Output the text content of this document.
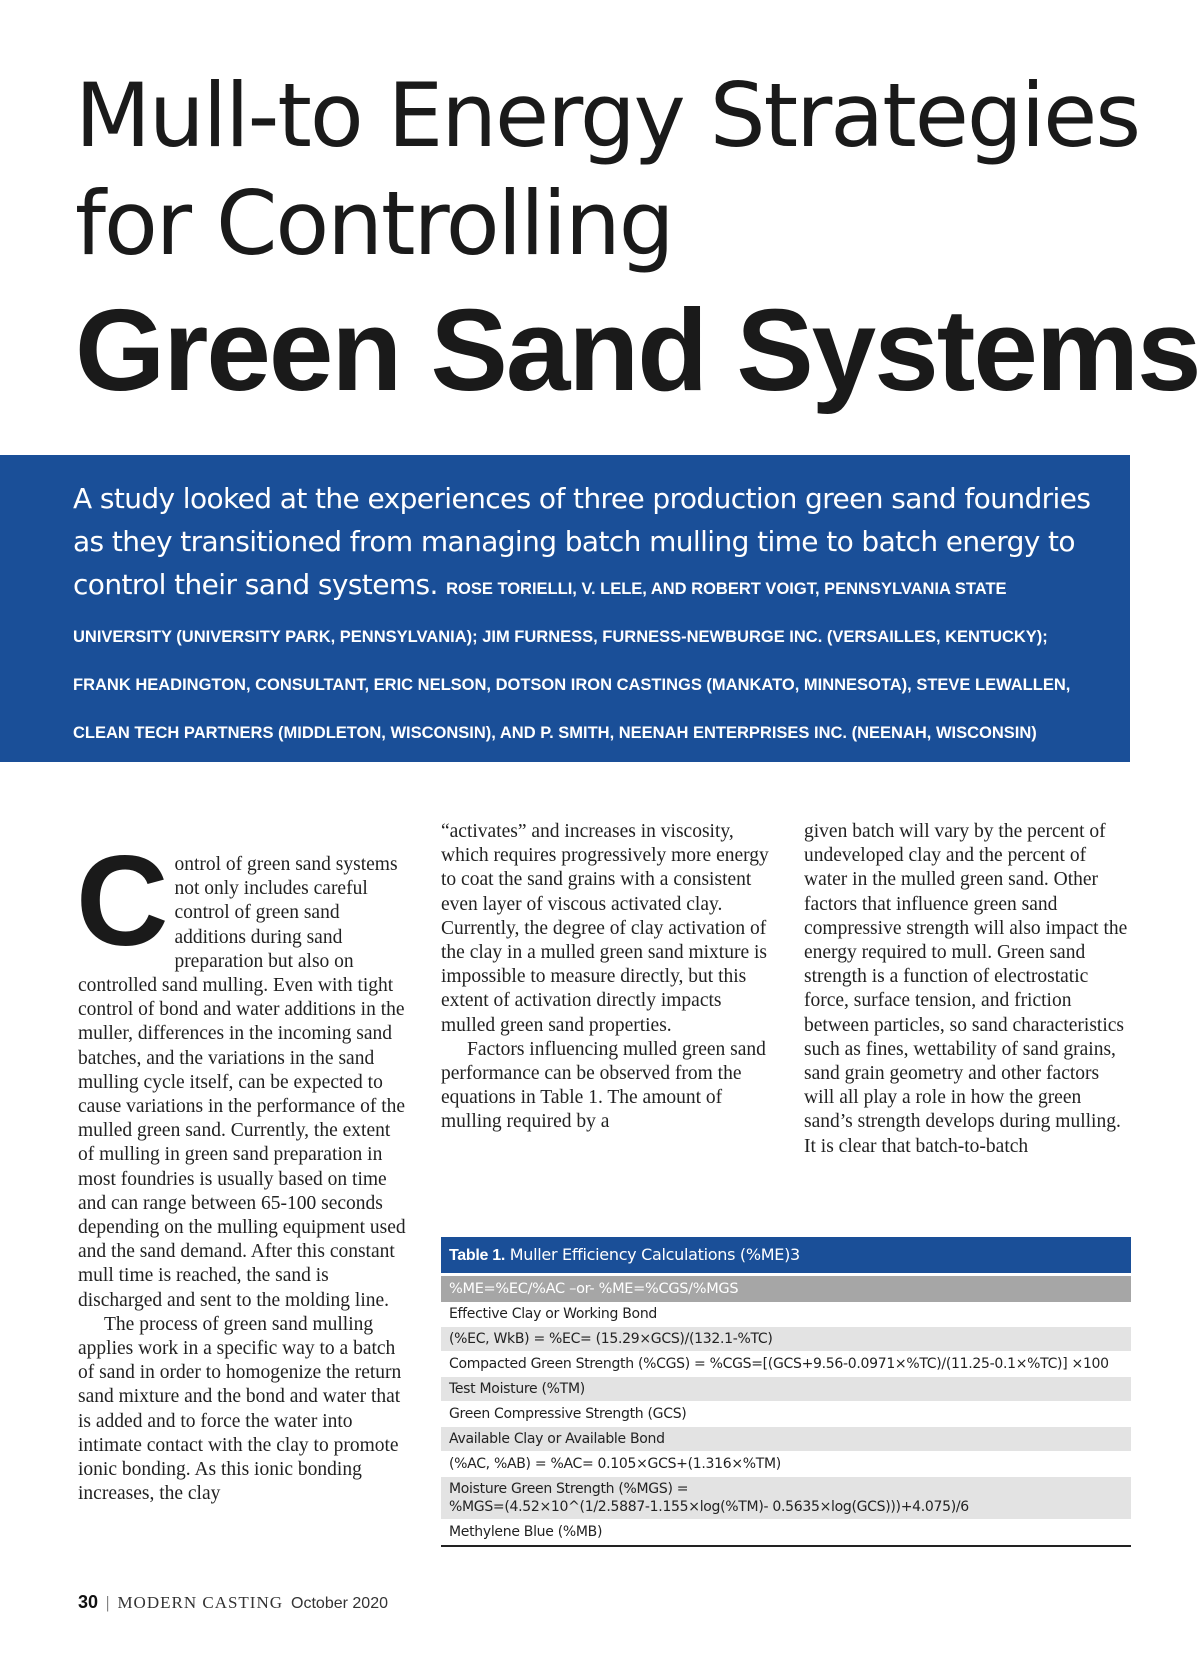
Mull-to Energy Strategies
for Controlling
Green Sand Systems

A study looked at the experiences of three production green sand foundries as they transitioned from managing batch mulling time to batch energy to control their sand systems. ROSE TORIELLI, V. LELE, AND ROBERT VOIGT, PENNSYLVANIA STATE UNIVERSITY (UNIVERSITY PARK, PENNSYLVANIA); JIM FURNESS, FURNESS-NEWBURGE INC. (VERSAILLES, KENTUCKY); FRANK HEADINGTON, CONSULTANT, ERIC NELSON, DOTSON IRON CASTINGS (MANKATO, MINNESOTA), STEVE LEWALLEN, CLEAN TECH PARTNERS (MIDDLETON, WISCONSIN), AND P. SMITH, NEENAH ENTERPRISES INC. (NEENAH, WISCONSIN)

C ontrol of green sand systems not only includes careful control of green sand additions during sand preparation but also on controlled sand mulling. Even with tight control of bond and water additions in the muller, differences in the incoming sand batches, and the variations in the sand mulling cycle itself, can be expected to cause variations in the performance of the mulled green sand. Currently, the extent of mulling in green sand preparation in most foundries is usually based on time and can range between 65-100 seconds depending on the mulling equipment used and the sand demand. After this constant mull time is reached, the sand is discharged and sent to the molding line.

The process of green sand mulling applies work in a specific way to a batch of sand in order to homogenize the return sand mixture and the bond and water that is added and to force the water into intimate contact with the clay to promote ionic bonding. As this ionic bonding increases, the clay

“activates” and increases in viscosity, which requires progressively more energy to coat the sand grains with a consistent even layer of viscous activated clay. Currently, the degree of clay activation of the clay in a mulled green sand mixture is impossible to measure directly, but this extent of activation directly impacts mulled green sand properties.

Factors influencing mulled green sand performance can be observed from the equations in Table 1. The amount of mulling required by a

given batch will vary by the percent of undeveloped clay and the percent of water in the mulled green sand. Other factors that influence green sand compressive strength will also impact the energy required to mull. Green sand strength is a function of electrostatic force, surface tension, and friction between particles, so sand characteristics such as fines, wettability of sand grains, sand grain geometry and other factors will all play a role in how the green sand’s strength develops during mulling. It is clear that batch-to-batch

Table 1. Muller Efficiency Calculations (%ME)3
%ME=%EC/%AC –or- %ME=%CGS/%MGS
Effective Clay or Working Bond
(%EC, WkB) = %EC= (15.29×GCS)/(132.1-%TC)
Compacted Green Strength (%CGS) = %CGS=[(GCS+9.56-0.0971×%TC)/(11.25-0.1×%TC)] ×100
Test Moisture (%TM)
Green Compressive Strength (GCS)
Available Clay or Available Bond
(%AC, %AB) = %AC= 0.105×GCS+(1.316×%TM)
Moisture Green Strength (%MGS) =
%MGS=(4.52×10^(1/2.5887-1.155×log(%TM)- 0.5635×log(GCS)))+4.075)/6
Methylene Blue (%MB)
30 | MODERN CASTING October 2020
